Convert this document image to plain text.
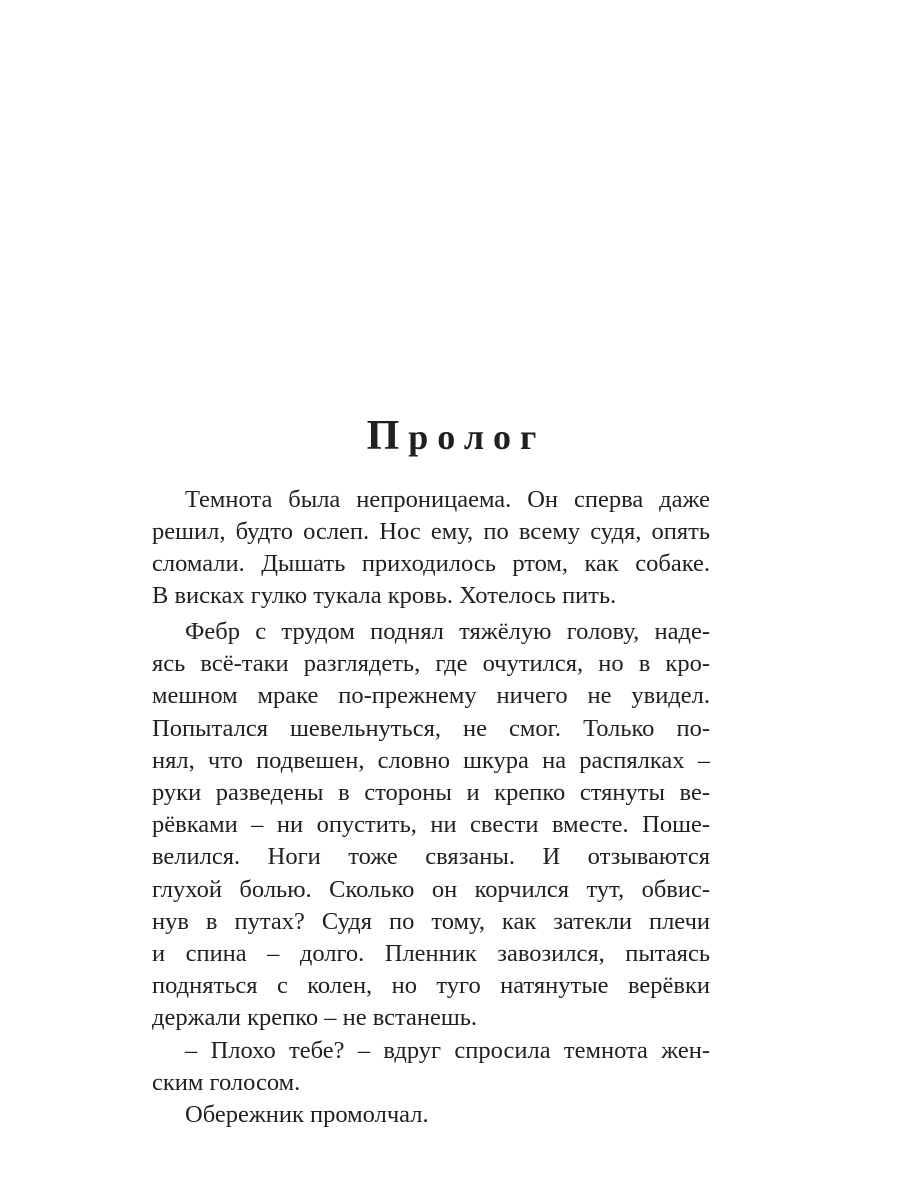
Пролог
Темнота была непроницаема. Он сперва даже
решил, будто ослеп. Нос ему, по всему судя, опять
сломали. Дышать приходилось ртом, как собаке.
В висках гулко тукала кровь. Хотелось пить.
Фебр с трудом поднял тяжёлую голову, наде-
ясь всё-таки разглядеть, где очутился, но в кро-
мешном мраке по-прежнему ничего не увидел.
Попытался шевельнуться, не смог. Только по-
нял, что подвешен, словно шкура на распялках –
руки разведены в стороны и крепко стянуты ве-
рёвками – ни опустить, ни свести вместе. Поше-
велился. Ноги тоже связаны. И отзываются
глухой болью. Сколько он корчился тут, обвис-
нув в путах? Судя по тому, как затекли плечи
и спина – долго. Пленник завозился, пытаясь
подняться с колен, но туго натянутые верёвки
держали крепко – не встанешь.
– Плохо тебе? – вдруг спросила темнота жен-
ским голосом.
Обережник промолчал.
